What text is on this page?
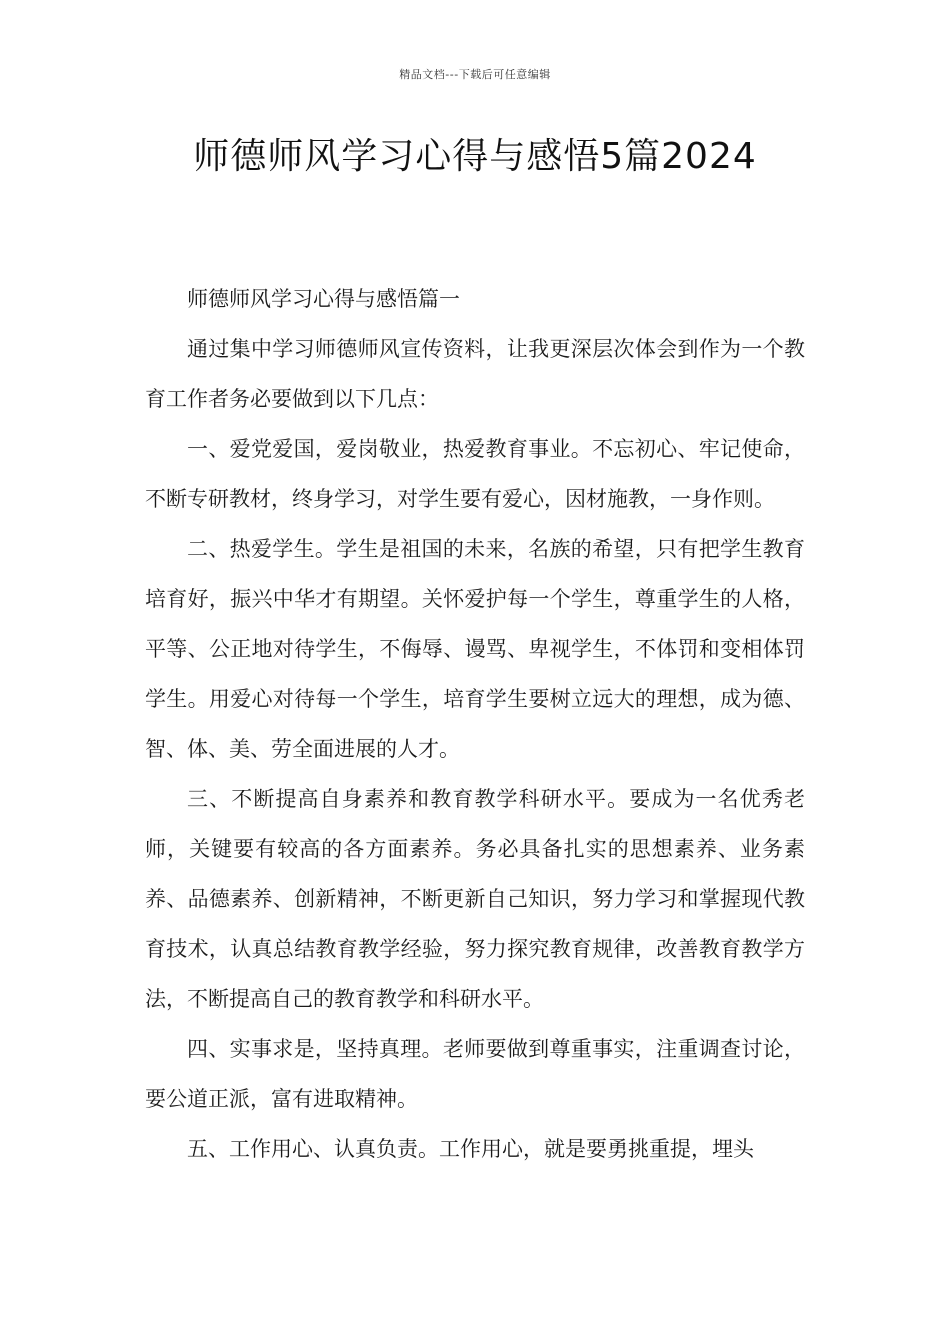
精品文档---下载后可任意编辑
师德师风学习心得与感悟5篇2024

师德师风学习心得与感悟篇一

通过集中学习师德师风宣传资料，让我更深层次体会到作为一个教育工作者务必要做到以下几点：

一、爱党爱国，爱岗敬业，热爱教育事业。不忘初心、牢记使命，不断专研教材，终身学习，对学生要有爱心，因材施教，一身作则。

二、热爱学生。学生是祖国的未来，名族的希望，只有把学生教育培育好，振兴中华才有期望。关怀爱护每一个学生，尊重学生的人格，平等、公正地对待学生，不侮辱、谩骂、卑视学生，不体罚和变相体罚学生。用爱心对待每一个学生，培育学生要树立远大的理想，成为德、智、体、美、劳全面进展的人才。

三、不断提高自身素养和教育教学科研水平。要成为一名优秀老师，关键要有较高的各方面素养。务必具备扎实的思想素养、业务素养、品德素养、创新精神，不断更新自己知识，努力学习和掌握现代教育技术，认真总结教育教学经验，努力探究教育规律，改善教育教学方法，不断提高自己的教育教学和科研水平。

四、实事求是，坚持真理。老师要做到尊重事实，注重调查讨论，要公道正派，富有进取精神。

五、工作用心、认真负责。工作用心，就是要勇挑重提，埋头
